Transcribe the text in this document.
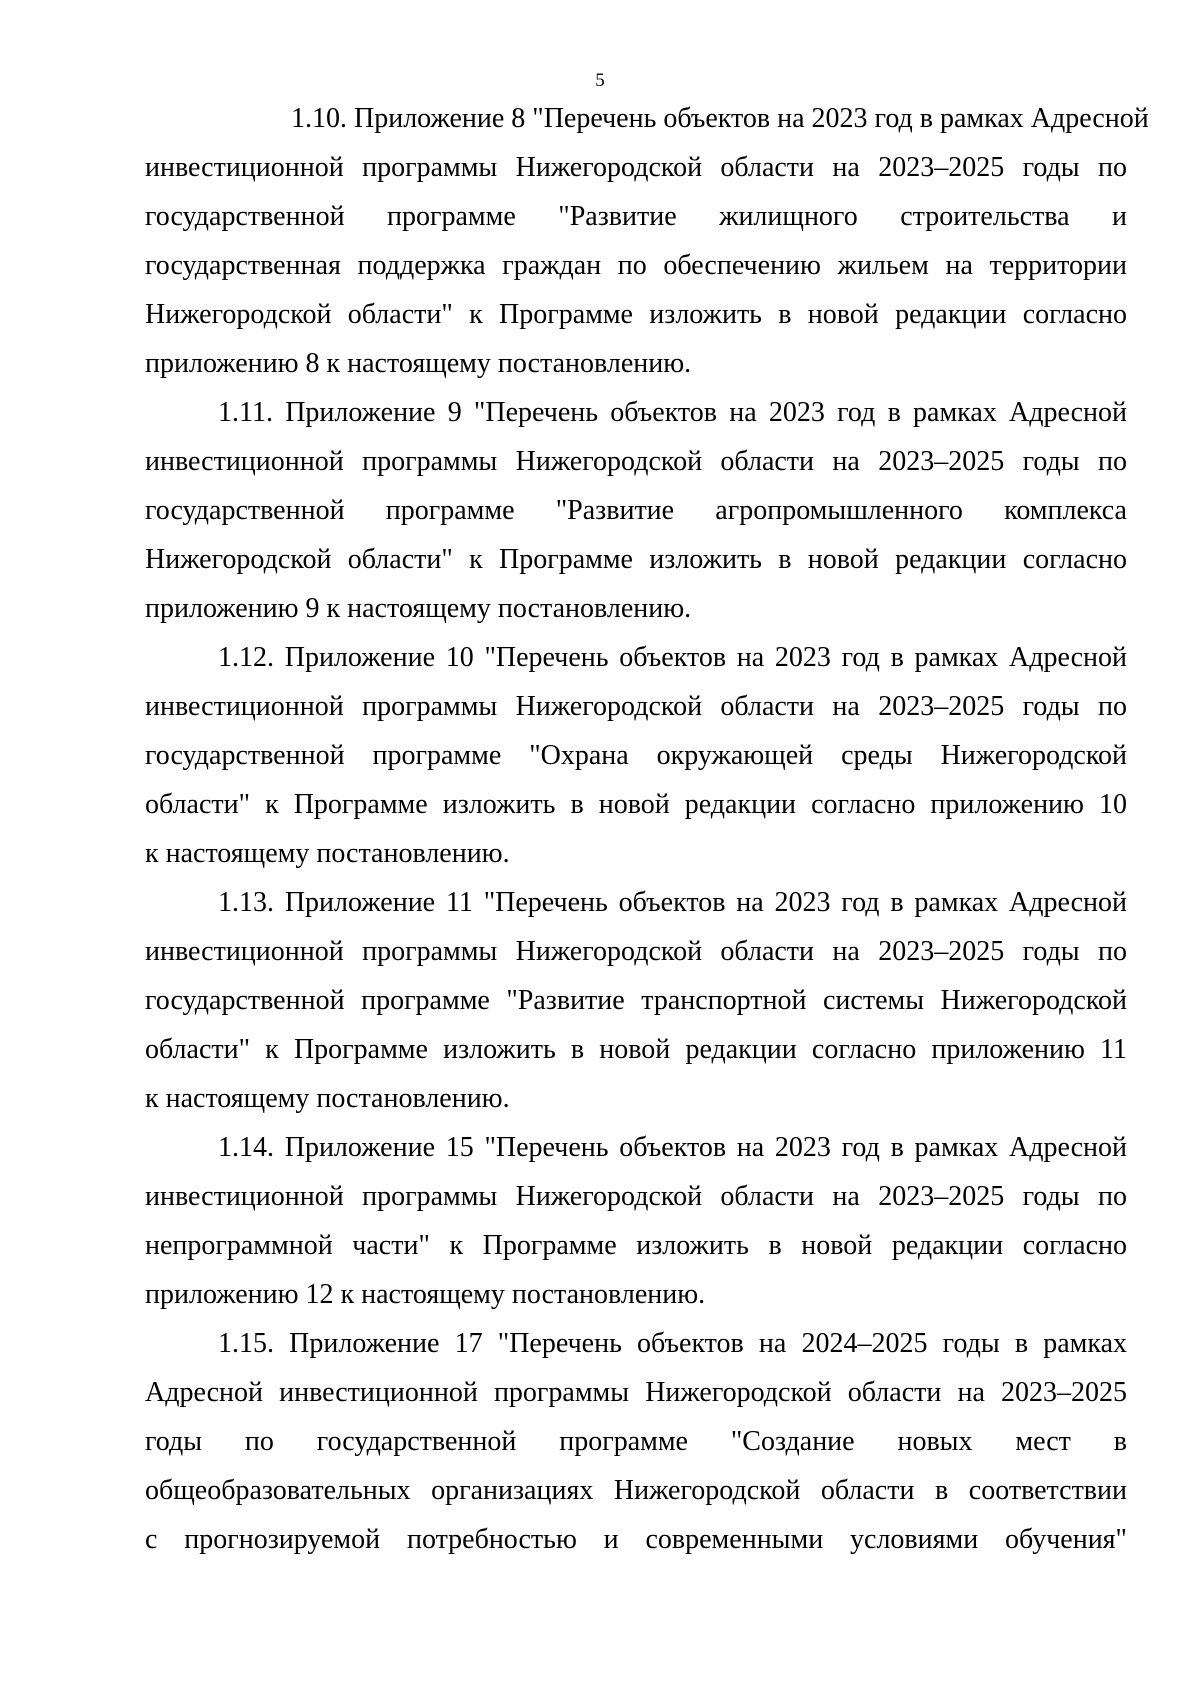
5
1.10. Приложение 8 "Перечень объектов на 2023 год в рамках Адресной
инвестиционной программы Нижегородской области на 2023–2025 годы по
государственной программе "Развитие жилищного строительства и
государственная поддержка граждан по обеспечению жильем на территории
Нижегородской области" к Программе изложить в новой редакции согласно
приложению 8 к настоящему постановлению.
1.11. Приложение 9 "Перечень объектов на 2023 год в рамках Адресной
инвестиционной программы Нижегородской области на 2023–2025 годы по
государственной программе "Развитие агропромышленного комплекса
Нижегородской области" к Программе изложить в новой редакции согласно
приложению 9 к настоящему постановлению.
1.12. Приложение 10 "Перечень объектов на 2023 год в рамках Адресной
инвестиционной программы Нижегородской области на 2023–2025 годы по
государственной программе "Охрана окружающей среды Нижегородской
области" к Программе изложить в новой редакции согласно приложению 10
к настоящему постановлению.
1.13. Приложение 11 "Перечень объектов на 2023 год в рамках Адресной
инвестиционной программы Нижегородской области на 2023–2025 годы по
государственной программе "Развитие транспортной системы Нижегородской
области" к Программе изложить в новой редакции согласно приложению 11
к настоящему постановлению.
1.14. Приложение 15 "Перечень объектов на 2023 год в рамках Адресной
инвестиционной программы Нижегородской области на 2023–2025 годы по
непрограммной части" к Программе изложить в новой редакции согласно
приложению 12 к настоящему постановлению.
1.15. Приложение 17 "Перечень объектов на 2024–2025 годы в рамках
Адресной инвестиционной программы Нижегородской области на 2023–2025
годы по государственной программе "Создание новых мест в
общеобразовательных организациях Нижегородской области в соответствии
с прогнозируемой потребностью и современными условиями обучения"
